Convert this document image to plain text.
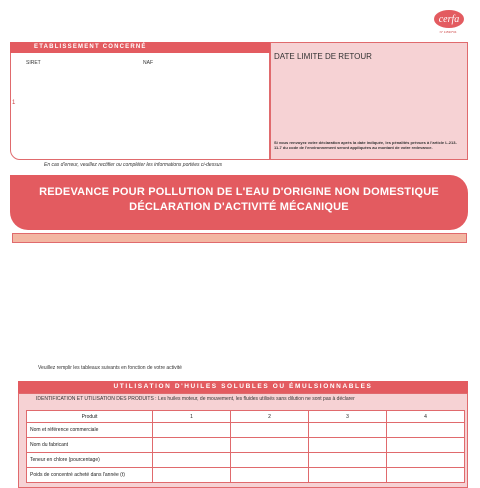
cerfa
N° 11530*04
ETABLISSEMENT CONCERNÉ
1
SIRET	NAF
DATE LIMITE DE RETOUR
Si vous renvoyez votre déclaration après la date indiquée, les pénalités prévues à l'article L.213-11-7 du code de l'environnement seront appliquées au montant de votre redevance.
En cas d'erreur, veuillez rectifier ou compléter les informations portées ci-dessus
REDEVANCE POUR POLLUTION DE L'EAU D'ORIGINE NON DOMESTIQUE
DÉCLARATION D'ACTIVITÉ MÉCANIQUE
Veuillez remplir les tableaux suivants en fonction de votre activité
UTILISATION D'HUILES SOLUBLES OU ÉMULSIONNABLES
IDENTIFICATION ET UTILISATION DES PRODUITS : Les huiles moteur, de mouvement, les fluides utilisés sans dilution ne sont pas à déclarer
Produit	1	2	3	4
Nom et référence commerciale				
Nom du fabricant				
Teneur en chlore (pourcentage)				
Poids de concentré acheté dans l'année (t)				
